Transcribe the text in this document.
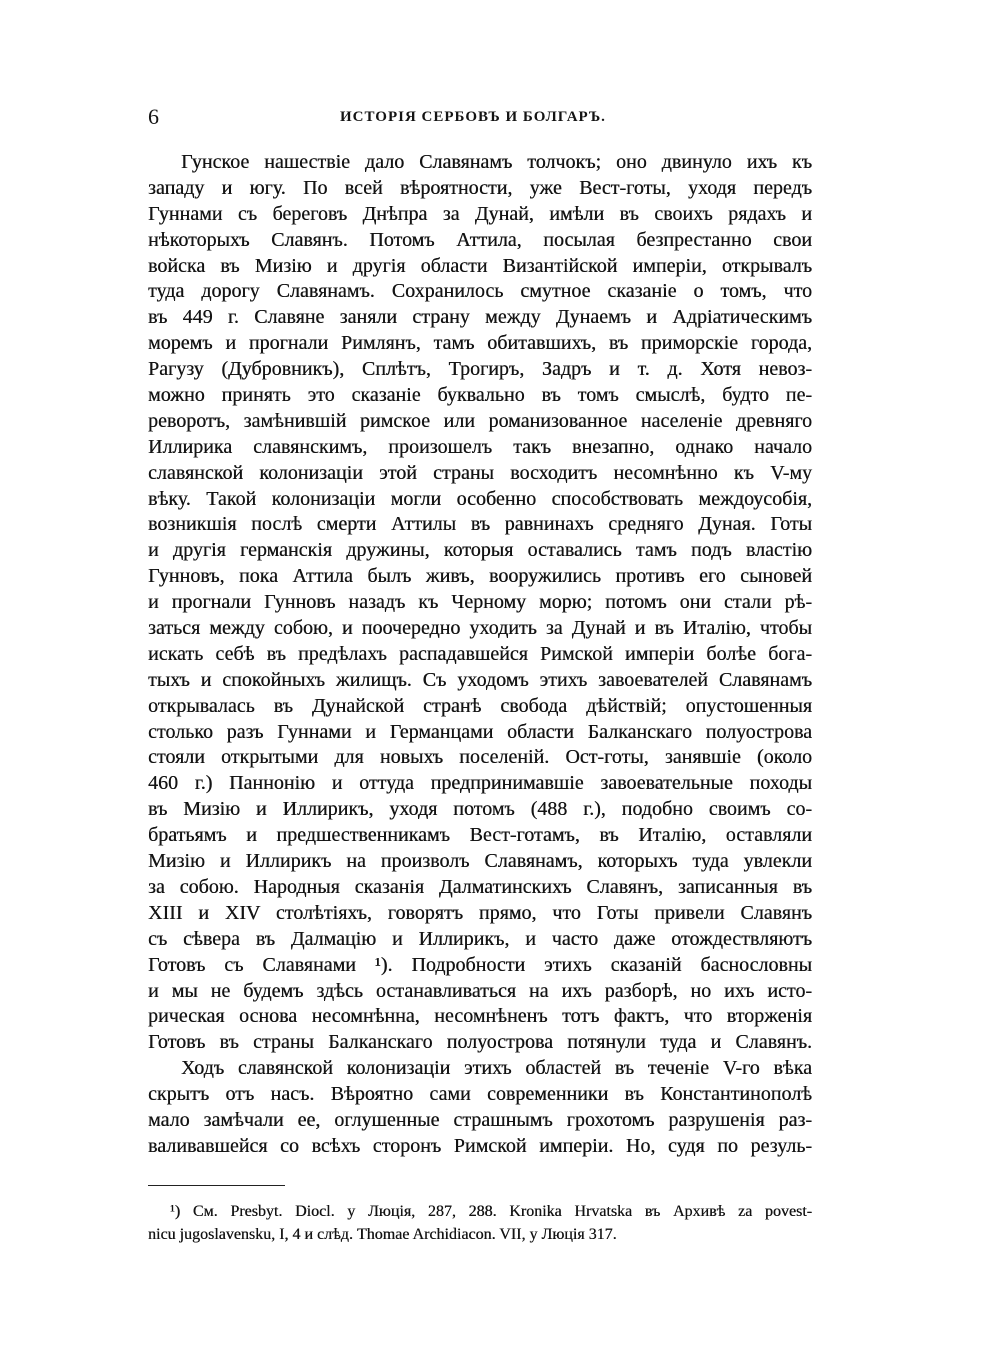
6	ИСТОРІЯ СЕРБОВЪ И БОЛГАРЪ.
Гунское нашествіе дало Славянамъ толчокъ; оно двинуло ихъ къ
западу и югу. По всей вѣроятности, уже Вест-готы, уходя передъ
Гуннами съ береговъ Днѣпра за Дунай, имѣли въ своихъ рядахъ и
нѣкоторыхъ Славянъ. Потомъ Аттила, посылая безпрестанно свои
войска въ Мизію и другія области Византійской имперіи, открывалъ
туда дорогу Славянамъ. Сохранилось смутное сказаніе о томъ, что
въ 449 г. Славяне заняли страну между Дунаемъ и Адріатическимъ
моремъ и прогнали Римлянъ, тамъ обитавшихъ, въ приморскіе города,
Рагузу (Дубровникъ), Сплѣтъ, Трогиръ, Задръ и т. д. Хотя невоз-
можно принять это сказаніе буквально въ томъ смыслѣ, будто пе-
реворотъ, замѣнившій римское или романизованное населеніе древняго
Иллирика славянскимъ, произошелъ такъ внезапно, однако начало
славянской колонизаціи этой страны восходитъ несомнѣнно къ V-му
вѣку. Такой колонизаціи могли особенно способствовать междоусобія,
возникшія послѣ смерти Аттилы въ равнинахъ средняго Дуная. Готы
и другія германскія дружины, которыя оставались тамъ подъ властію
Гунновъ, пока Аттила былъ живъ, вооружились противъ его сыновей
и прогнали Гунновъ назадъ къ Черному морю; потомъ они стали рѣ-
заться между собою, и поочередно уходить за Дунай и въ Италію, чтобы
искать себѣ въ предѣлахъ распадавшейся Римской имперіи болѣе бога-
тыхъ и спокойныхъ жилищъ. Съ уходомъ этихъ завоевателей Славянамъ
открывалась въ Дунайской странѣ свобода дѣйствій; опустошенныя
столько разъ Гуннами и Германцами области Балканскаго полуострова
стояли открытыми для новыхъ поселеній. Ост-готы, занявшіе (около
460 г.) Паннонію и оттуда предпринимавшіе завоевательные походы
въ Мизію и Иллирикъ, уходя потомъ (488 г.), подобно своимъ со-
братьямъ и предшественникамъ Вест-готамъ, въ Италію, оставляли
Мизію и Иллирикъ на произволъ Славянамъ, которыхъ туда увлекли
за собою. Народныя сказанія Далматинскихъ Славянъ, записанныя въ
XIII и XIV столѣтіяхъ, говорятъ прямо, что Готы привели Славянъ
съ сѣвера въ Далмацію и Иллирикъ, и часто даже отождествляютъ
Готовъ съ Славянами ¹). Подробности этихъ сказаній баснословны
и мы не будемъ здѣсь останавливаться на ихъ разборѣ, но ихъ исто-
рическая основа несомнѣнна, несомнѣненъ тотъ фактъ, что вторженія
Готовъ въ страны Балканскаго полуострова потянули туда и Славянъ.
Ходъ славянской колонизаціи этихъ областей въ теченіе V-го вѣка
скрытъ отъ насъ. Вѣроятно сами современники въ Константинополѣ
мало замѣчали ее, оглушенные страшнымъ грохотомъ разрушенія раз-
валивавшейся со всѣхъ сторонъ Римской имперіи. Но, судя по резуль-
¹) См. Presbyt. Diocl. у Люція, 287, 288. Kronika Hrvatska въ Архивѣ za povest-
nicu jugoslavensku, I, 4 и слѣд. Thomae Archidiacon. VII, у Люція 317.
